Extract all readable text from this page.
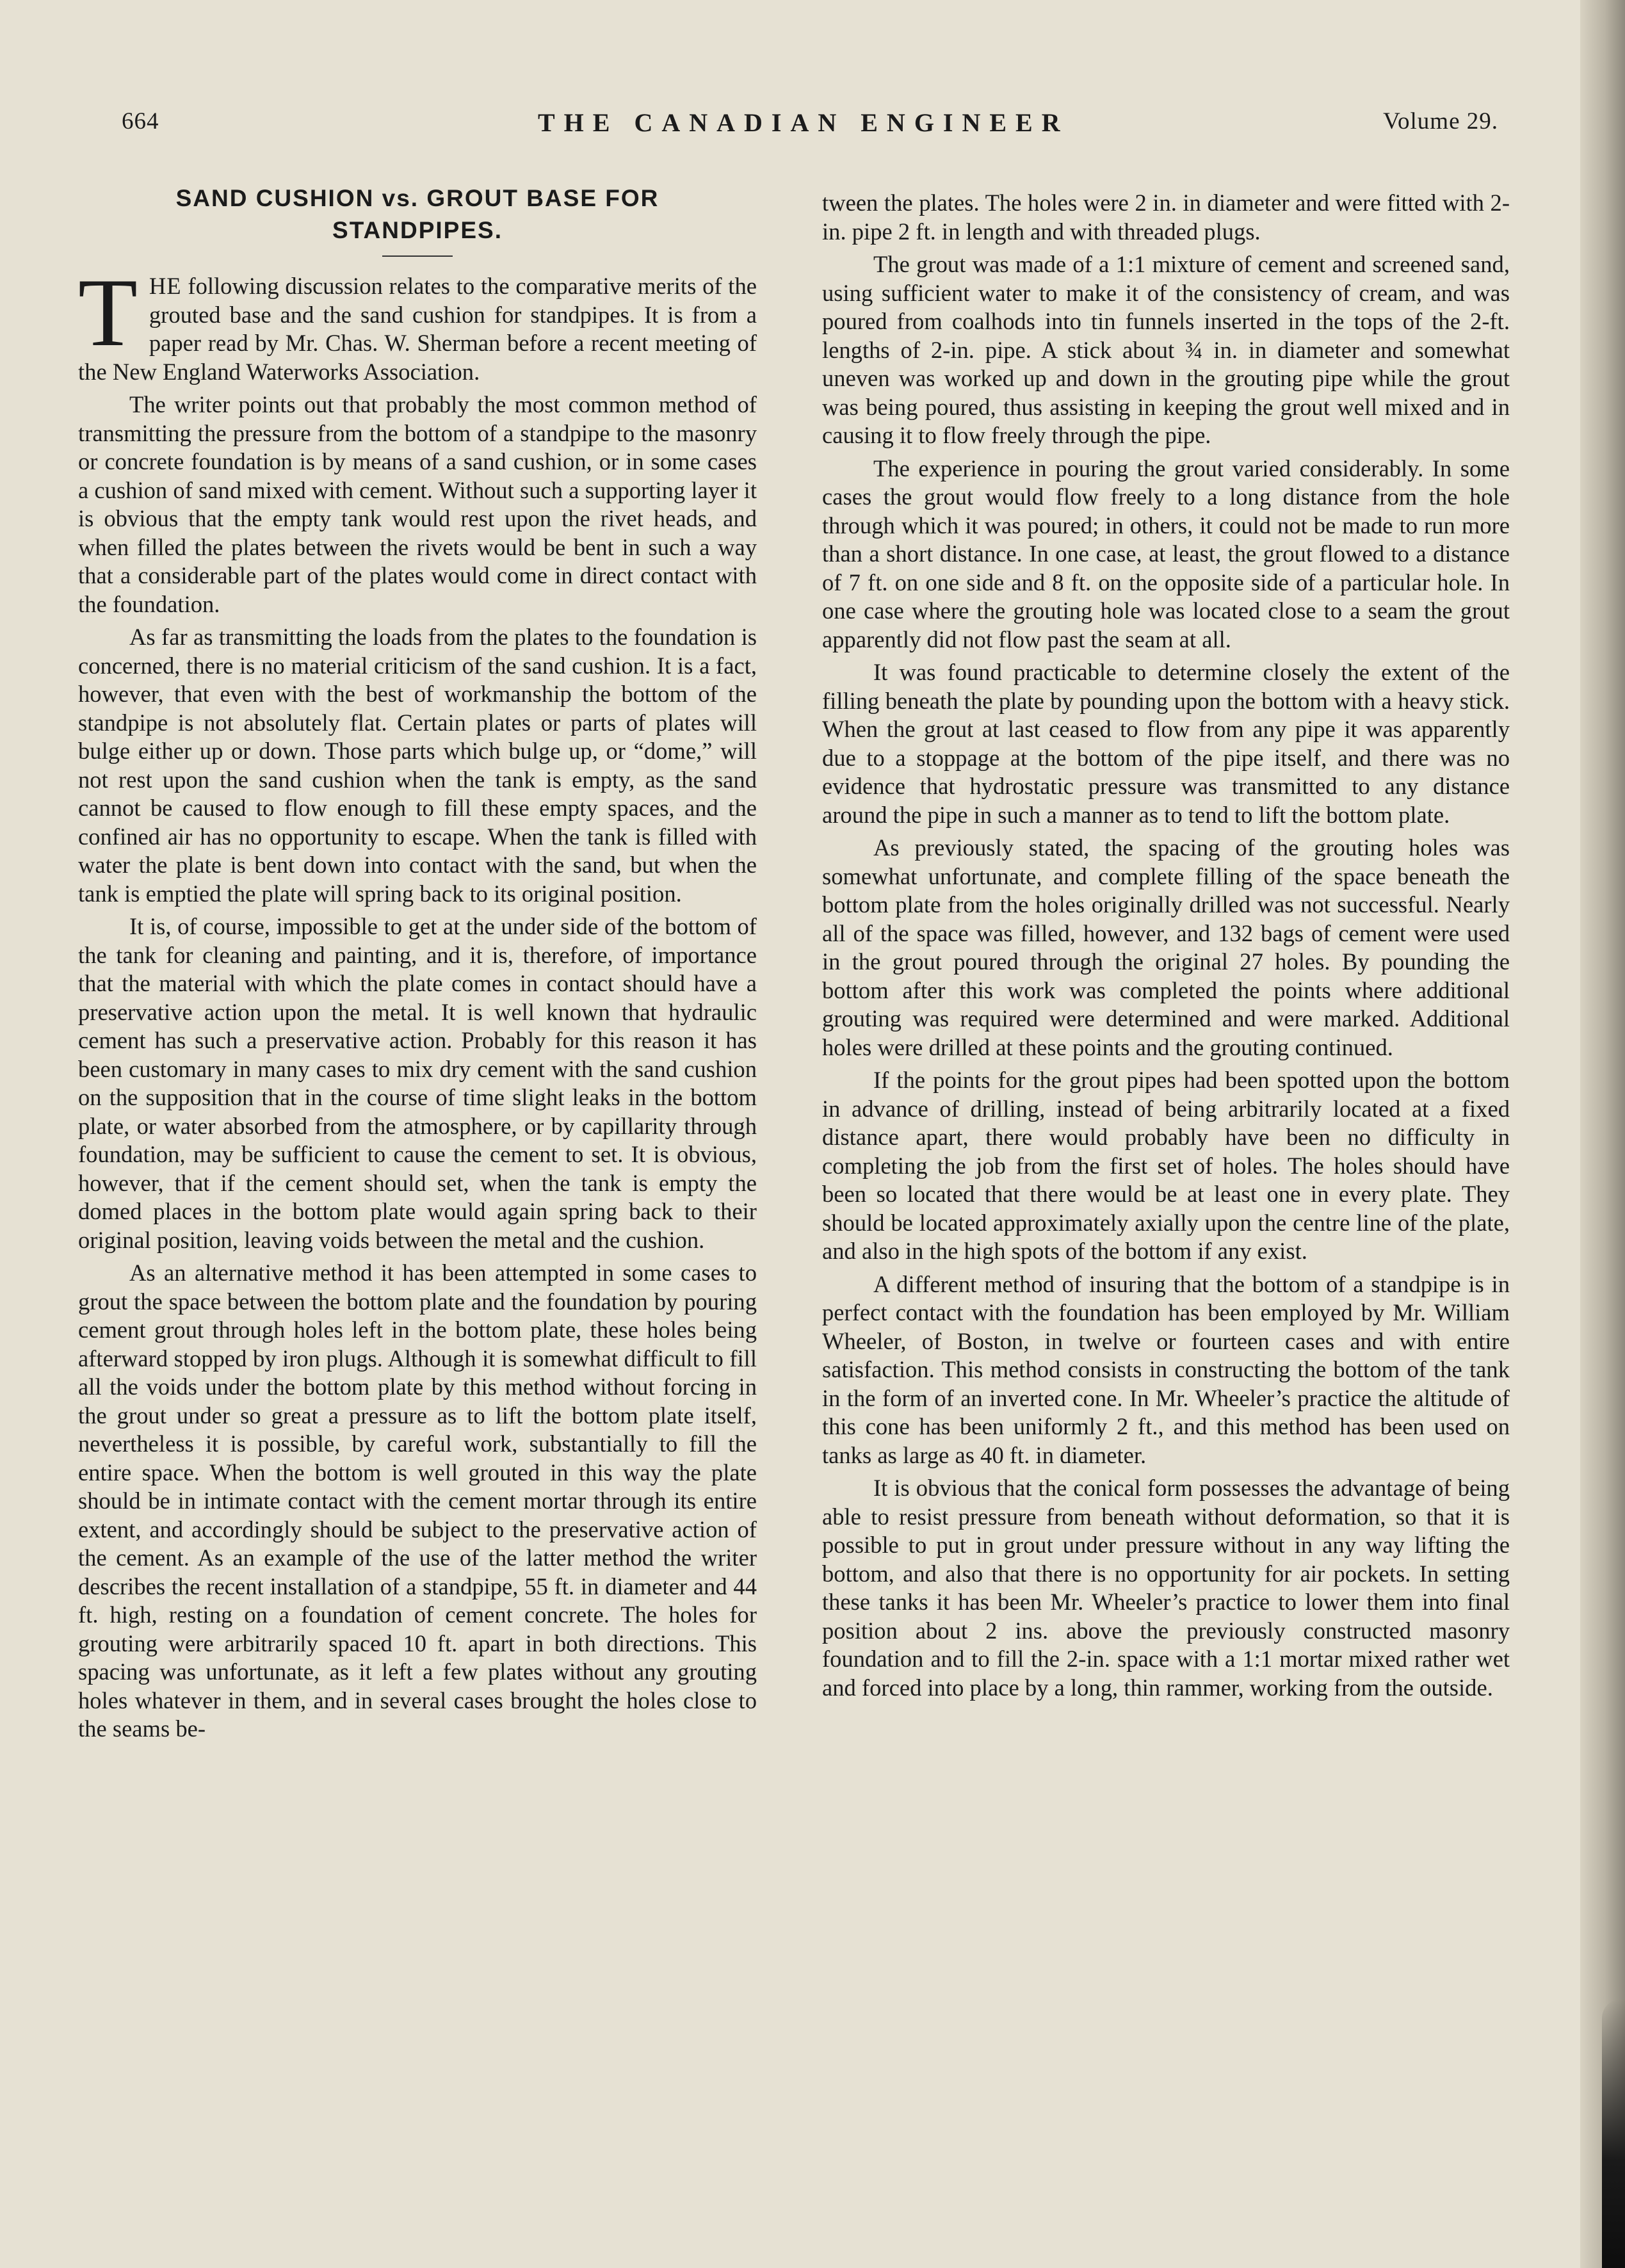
664	THE CANADIAN ENGINEER	Volume 29.
SAND CUSHION vs. GROUT BASE FOR
STANDPIPES.

THE following discussion relates to the comparative merits of the grouted base and the sand cushion for standpipes. It is from a paper read by Mr. Chas. W. Sherman before a recent meeting of the New England Waterworks Association.

The writer points out that probably the most common method of transmitting the pressure from the bottom of a standpipe to the masonry or concrete foundation is by means of a sand cushion, or in some cases a cushion of sand mixed with cement. Without such a supporting layer it is obvious that the empty tank would rest upon the rivet heads, and when filled the plates between the rivets would be bent in such a way that a considerable part of the plates would come in direct contact with the foundation.

As far as transmitting the loads from the plates to the foundation is concerned, there is no material criticism of the sand cushion. It is a fact, however, that even with the best of workmanship the bottom of the standpipe is not absolutely flat. Certain plates or parts of plates will bulge either up or down. Those parts which bulge up, or “dome,” will not rest upon the sand cushion when the tank is empty, as the sand cannot be caused to flow enough to fill these empty spaces, and the confined air has no opportunity to escape. When the tank is filled with water the plate is bent down into contact with the sand, but when the tank is emptied the plate will spring back to its original position.

It is, of course, impossible to get at the under side of the bottom of the tank for cleaning and painting, and it is, therefore, of importance that the material with which the plate comes in contact should have a preservative action upon the metal. It is well known that hydraulic cement has such a preservative action. Probably for this reason it has been customary in many cases to mix dry cement with the sand cushion on the supposition that in the course of time slight leaks in the bottom plate, or water absorbed from the atmosphere, or by capillarity through foundation, may be sufficient to cause the cement to set. It is obvious, however, that if the cement should set, when the tank is empty the domed places in the bottom plate would again spring back to their original position, leaving voids between the metal and the cushion.

As an alternative method it has been attempted in some cases to grout the space between the bottom plate and the foundation by pouring cement grout through holes left in the bottom plate, these holes being afterward stopped by iron plugs. Although it is somewhat difficult to fill all the voids under the bottom plate by this method without forcing in the grout under so great a pressure as to lift the bottom plate itself, nevertheless it is possible, by careful work, substantially to fill the entire space. When the bottom is well grouted in this way the plate should be in intimate contact with the cement mortar through its entire extent, and accordingly should be subject to the preservative action of the cement. As an example of the use of the latter method the writer describes the recent installation of a standpipe, 55 ft. in diameter and 44 ft. high, resting on a foundation of cement concrete. The holes for grouting were arbitrarily spaced 10 ft. apart in both directions. This spacing was unfortunate, as it left a few plates without any grouting holes whatever in them, and in several cases brought the holes close to the seams be-

tween the plates. The holes were 2 in. in diameter and were fitted with 2-in. pipe 2 ft. in length and with threaded plugs.

The grout was made of a 1:1 mixture of cement and screened sand, using sufficient water to make it of the consistency of cream, and was poured from coalhods into tin funnels inserted in the tops of the 2-ft. lengths of 2-in. pipe. A stick about ¾ in. in diameter and somewhat uneven was worked up and down in the grouting pipe while the grout was being poured, thus assisting in keeping the grout well mixed and in causing it to flow freely through the pipe.

The experience in pouring the grout varied considerably. In some cases the grout would flow freely to a long distance from the hole through which it was poured; in others, it could not be made to run more than a short distance. In one case, at least, the grout flowed to a distance of 7 ft. on one side and 8 ft. on the opposite side of a particular hole. In one case where the grouting hole was located close to a seam the grout apparently did not flow past the seam at all.

It was found practicable to determine closely the extent of the filling beneath the plate by pounding upon the bottom with a heavy stick. When the grout at last ceased to flow from any pipe it was apparently due to a stoppage at the bottom of the pipe itself, and there was no evidence that hydrostatic pressure was transmitted to any distance around the pipe in such a manner as to tend to lift the bottom plate.

As previously stated, the spacing of the grouting holes was somewhat unfortunate, and complete filling of the space beneath the bottom plate from the holes originally drilled was not successful. Nearly all of the space was filled, however, and 132 bags of cement were used in the grout poured through the original 27 holes. By pounding the bottom after this work was completed the points where additional grouting was required were determined and were marked. Additional holes were drilled at these points and the grouting continued.

If the points for the grout pipes had been spotted upon the bottom in advance of drilling, instead of being arbitrarily located at a fixed distance apart, there would probably have been no difficulty in completing the job from the first set of holes. The holes should have been so located that there would be at least one in every plate. They should be located approximately axially upon the centre line of the plate, and also in the high spots of the bottom if any exist.

A different method of insuring that the bottom of a standpipe is in perfect contact with the foundation has been employed by Mr. William Wheeler, of Boston, in twelve or fourteen cases and with entire satisfaction. This method consists in constructing the bottom of the tank in the form of an inverted cone. In Mr. Wheeler’s practice the altitude of this cone has been uniformly 2 ft., and this method has been used on tanks as large as 40 ft. in diameter.

It is obvious that the conical form possesses the advantage of being able to resist pressure from beneath without deformation, so that it is possible to put in grout under pressure without in any way lifting the bottom, and also that there is no opportunity for air pockets. In setting these tanks it has been Mr. Wheeler’s practice to lower them into final position about 2 ins. above the previously constructed masonry foundation and to fill the 2-in. space with a 1:1 mortar mixed rather wet and forced into place by a long, thin rammer, working from the outside.
